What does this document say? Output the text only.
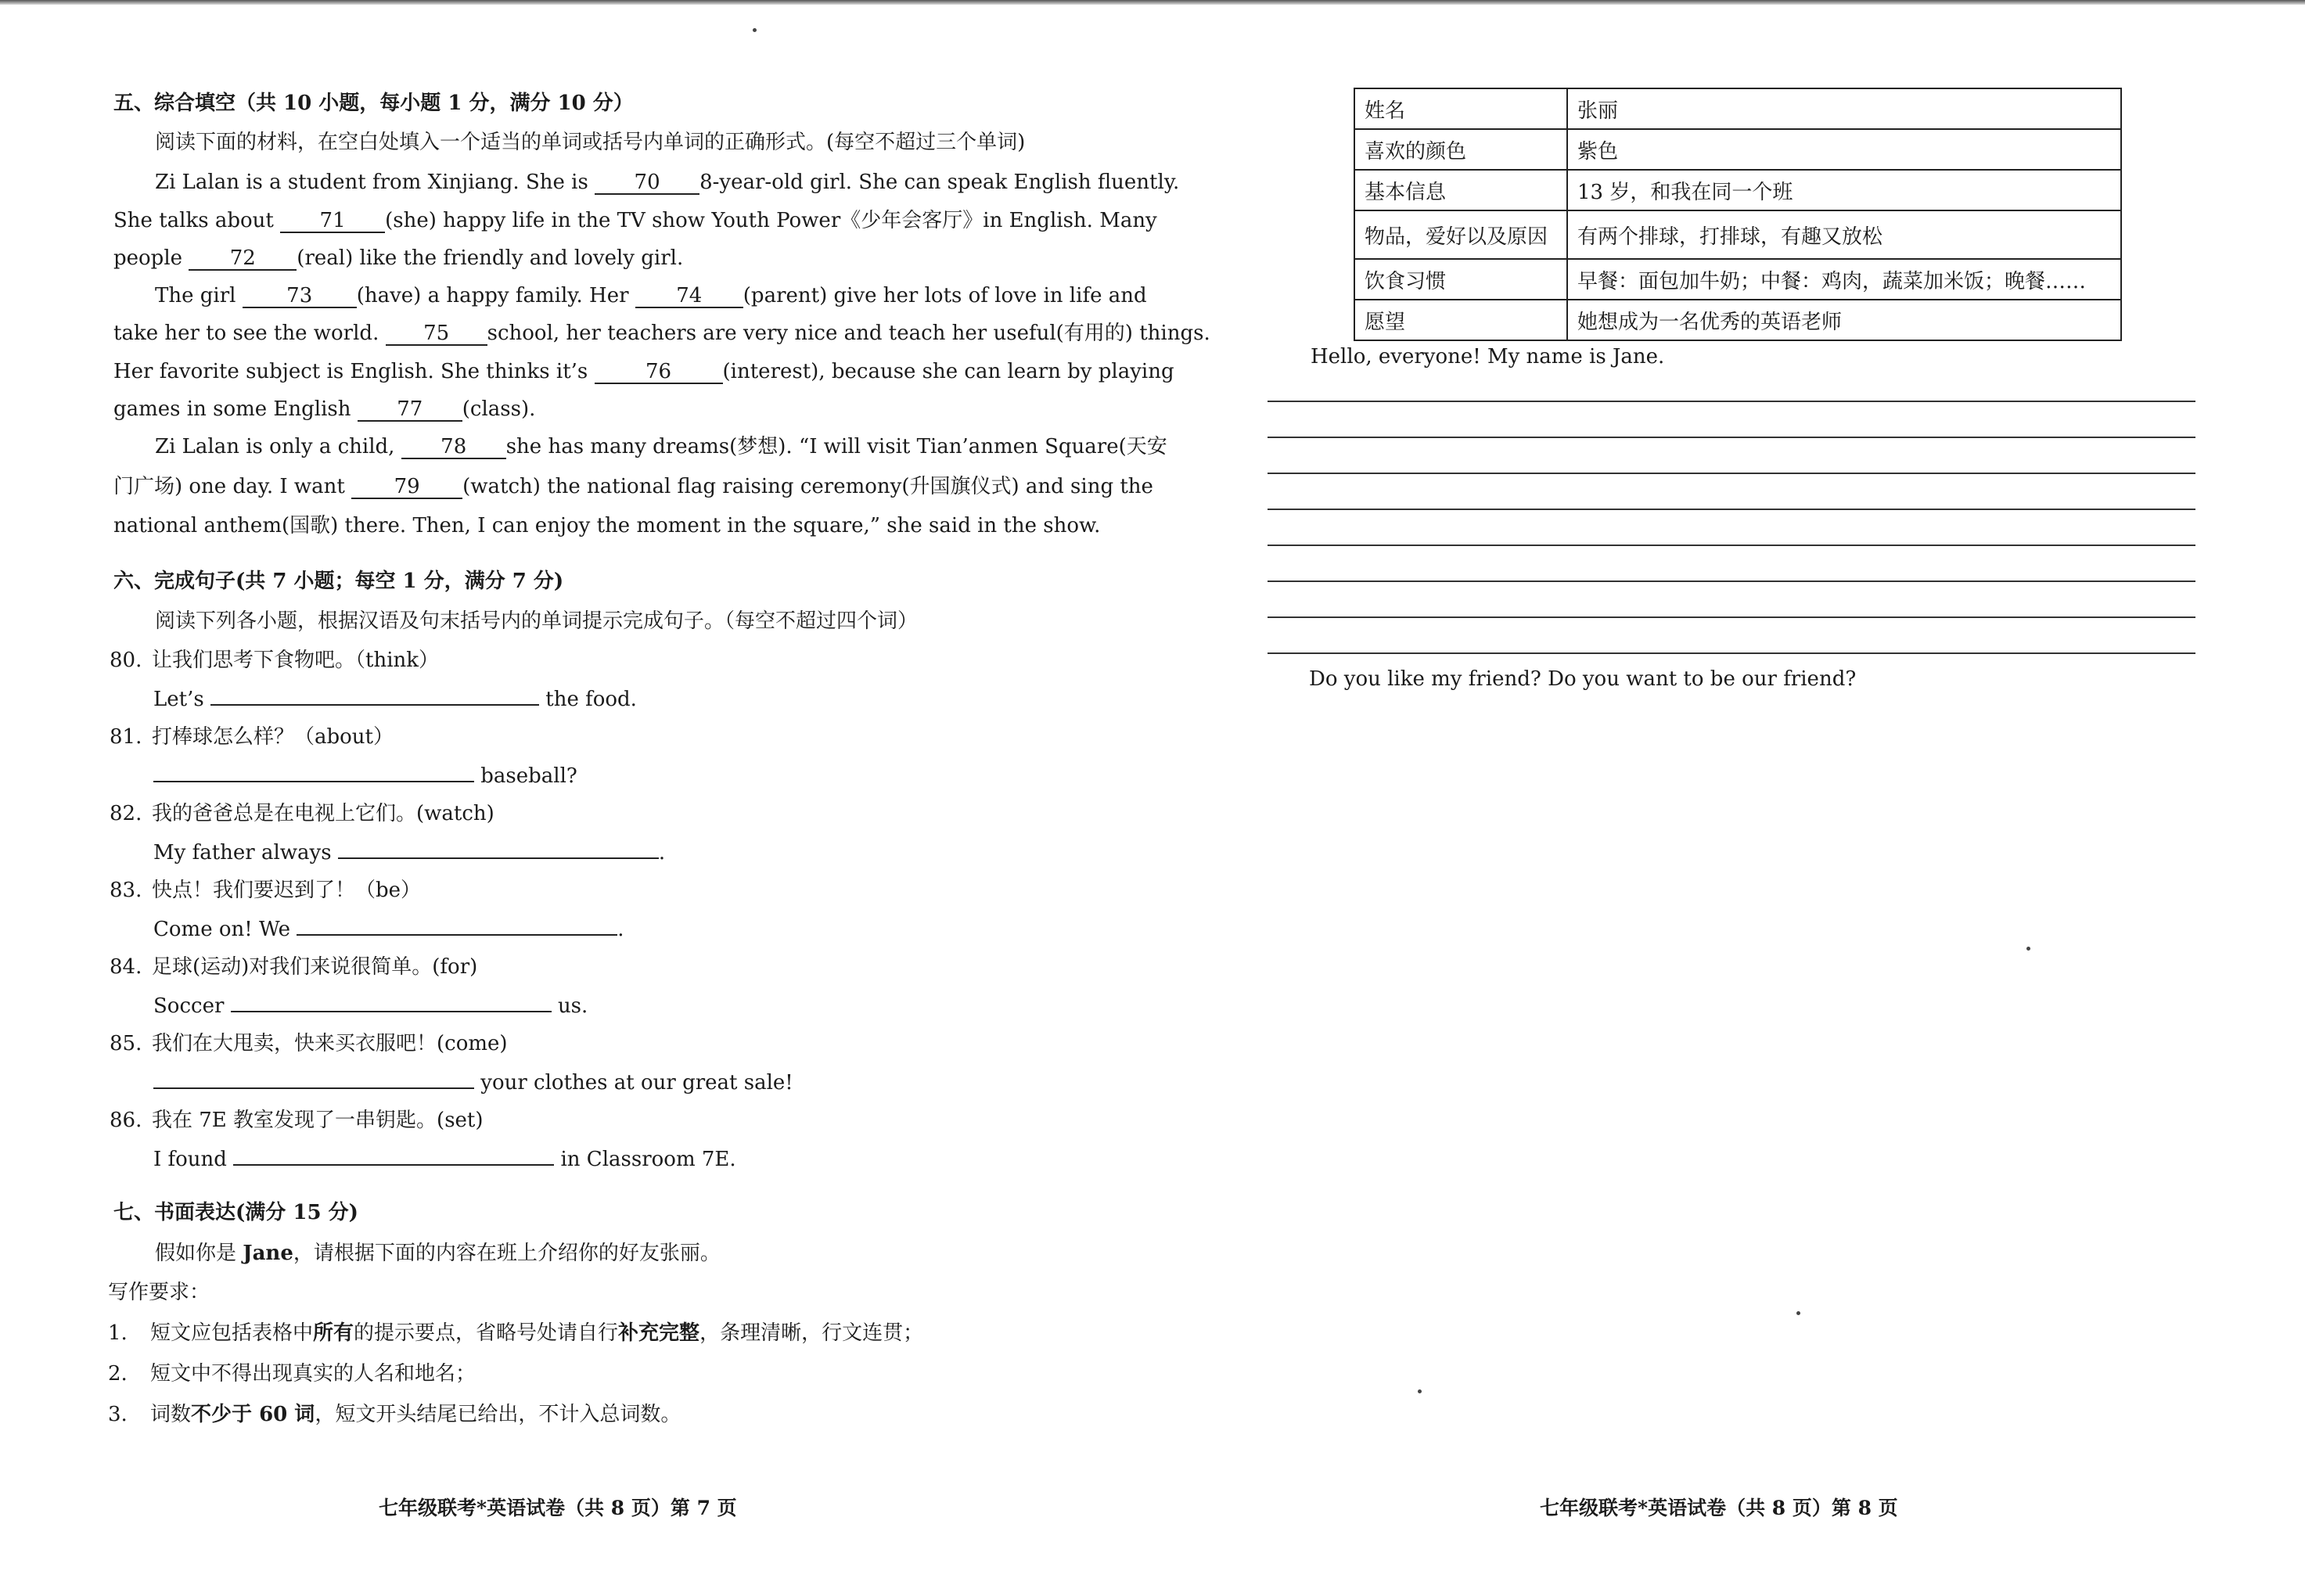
五、综合填空（共 10 小题，每小题 1 分，满分 10 分）
阅读下面的材料，在空白处填入一个适当的单词或括号内单词的正确形式。(每空不超过三个单词)
Zi Lalan is a student from Xinjiang. She is 70 8-year-old girl. She can speak English fluently.
She talks about 71 (she) happy life in the TV show Youth Power《少年会客厅》in English. Many
people 72 (real) like the friendly and lovely girl.
The girl 73 (have) a happy family. Her 74 (parent) give her lots of love in life and
take her to see the world. 75 school, her teachers are very nice and teach her useful(有用的) things.
Her favorite subject is English. She thinks it’s	76	(interest), because she can learn by playing
games in some English 77 (class).
Zi Lalan is only a child, 78 she has many dreams(梦想). “I will visit Tian’anmen Square(天安
门广场) one day. I want 79 (watch) the national flag raising ceremony(升国旗仪式) and sing the
national anthem(国歌) there. Then, I can enjoy the moment in the square,” she said in the show.
六、完成句子(共 7 小题；每空 1 分，满分 7 分)
阅读下列各小题，根据汉语及句末括号内的单词提示完成句子。（每空不超过四个词）
80. 让我们思考下食物吧。（think）
Let’s	the food.
81. 打棒球怎么样？（about）
baseball?
82. 我的爸爸总是在电视上它们。(watch)
My father always	.
83. 快点！我们要迟到了！（be）
Come on! We	.
84. 足球(运动)对我们来说很简单。(for)
Soccer	us.
85. 我们在大甩卖，快来买衣服吧！(come)
your clothes at our great sale!
86. 我在 7E 教室发现了一串钥匙。(set)
I found	in Classroom 7E.
七、书面表达(满分 15 分)
假如你是 Jane，请根据下面的内容在班上介绍你的好友张丽。
写作要求：
1. 短文应包括表格中所有的提示要点，省略号处请自行补充完整，条理清晰，行文连贯；
2. 短文中不得出现真实的人名和地名；
3. 词数不少于 60 词，短文开头结尾已给出，不计入总词数。
七年级联考*英语试卷（共 8 页）第 7 页
姓名	张丽
喜欢的颜色	紫色
基本信息	13 岁，和我在同一个班
物品，爱好以及原因	有两个排球，打排球，有趣又放松
饮食习惯	早餐：面包加牛奶；中餐：鸡肉，蔬菜加米饭；晚餐……
愿望	她想成为一名优秀的英语老师
Hello, everyone! My name is Jane.
Do you like my friend? Do you want to be our friend?
七年级联考*英语试卷（共 8 页）第 8 页
